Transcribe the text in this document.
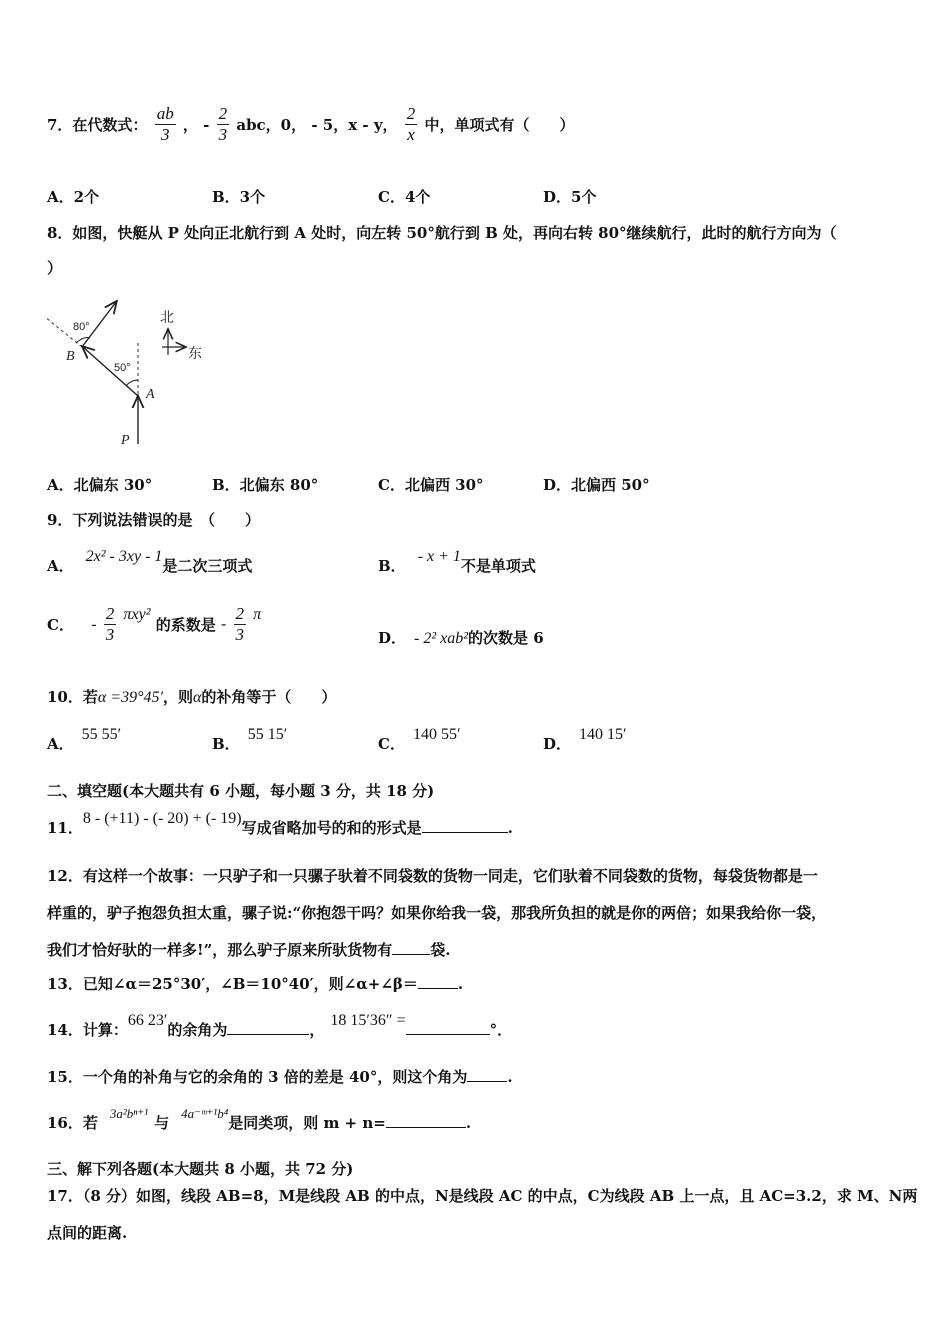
7．在代数式： $\frac{ab}{3}$ ， - $\frac{2}{3}$ abc，0， - 5，x - y， $\frac{2}{x}$ 中，单项式有（　　）
A．2个	B．3个	C．4个	D．5个
8．如图，快艇从 P 处向正北航行到 A 处时，向左转 50°航行到 B 处，再向右转 80°继续航行，此时的航行方向为（
）
80°
50°
B
A
P
北
东
A．北偏东 30°	B．北偏东 80°	C．北偏西 30°	D．北偏西 50°
9．下列说法错误的是　（　　）
A．2x² - 3xy - 1是二次三项式	B．- x + 1不是单项式
C． - $\frac{2}{3} \pi xy^2$ 的系数是 - $\frac{2}{3}$ π
D． - 2² xab²的次数是 6
10．若α =39°45′，则α的补角等于（　　）
A．55 55′
B．55 15′
C．140 55′
D．140 15′
二、填空题(本大题共有 6 小题，每小题 3 分，共 18 分)
11．8 - (+11) - (- 20) + (- 19)写成省略加号的和的形式是	.
12．有这样一个故事：一只驴子和一只骡子驮着不同袋数的货物一同走，它们驮着不同袋数的货物，每袋货物都是一
样重的，驴子抱怨负担太重，骡子说:“你抱怨干吗？如果你给我一袋，那我所负担的就是你的两倍；如果我给你一袋，
我们才恰好驮的一样多!”，那么驴子原来所驮货物有	袋.
13．已知∠α＝25°30′，∠B＝10°40′，则∠α+∠β＝	.
14．计算：66 23′的余角为	，18 15′36″ =°．
15．一个角的补角与它的余角的 3 倍的差是 40°，则这个角为	.
16．若3a²bⁿ⁺¹与4a⁻ᵐ⁺¹b⁴是同类项，则 m + n=	.
三、解下列各题(本大题共 8 小题，共 72 分)
17．（8 分）如图，线段 AB=8，M是线段 AB 的中点，N是线段 AC 的中点，C为线段 AB 上一点，且 AC=3.2，求 M、N两
点间的距离.
